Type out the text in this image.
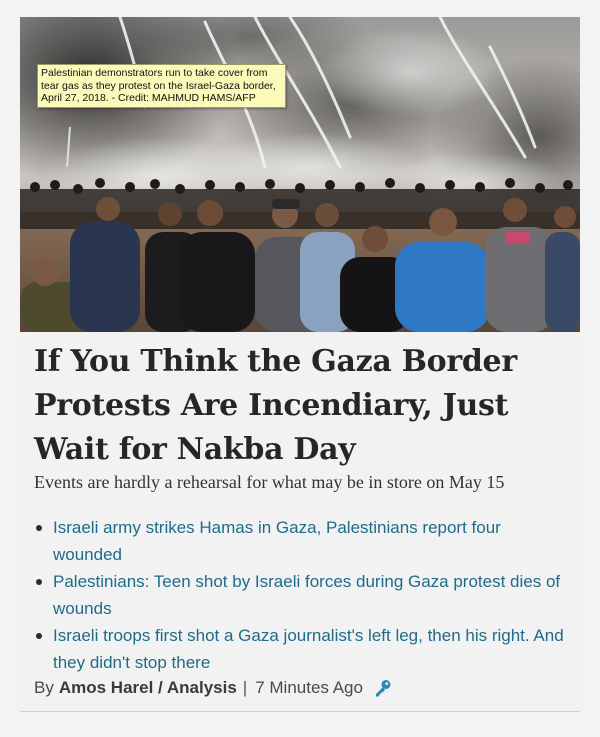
Palestinian demonstrators run to take cover from tear gas as they protest on the Israel-Gaza border, April 27, 2018. - Credit: MAHMUD HAMS/AFP
If You Think the Gaza Border Protests Are Incendiary, Just Wait for Nakba Day
Events are hardly a rehearsal for what may be in store on May 15
Israeli army strikes Hamas in Gaza, Palestinians report four wounded
Palestinians: Teen shot by Israeli forces during Gaza protest dies of wounds
Israeli troops first shot a Gaza journalist's left leg, then his right. And they didn't stop there
By Amos Harel / Analysis | 7 Minutes Ago
